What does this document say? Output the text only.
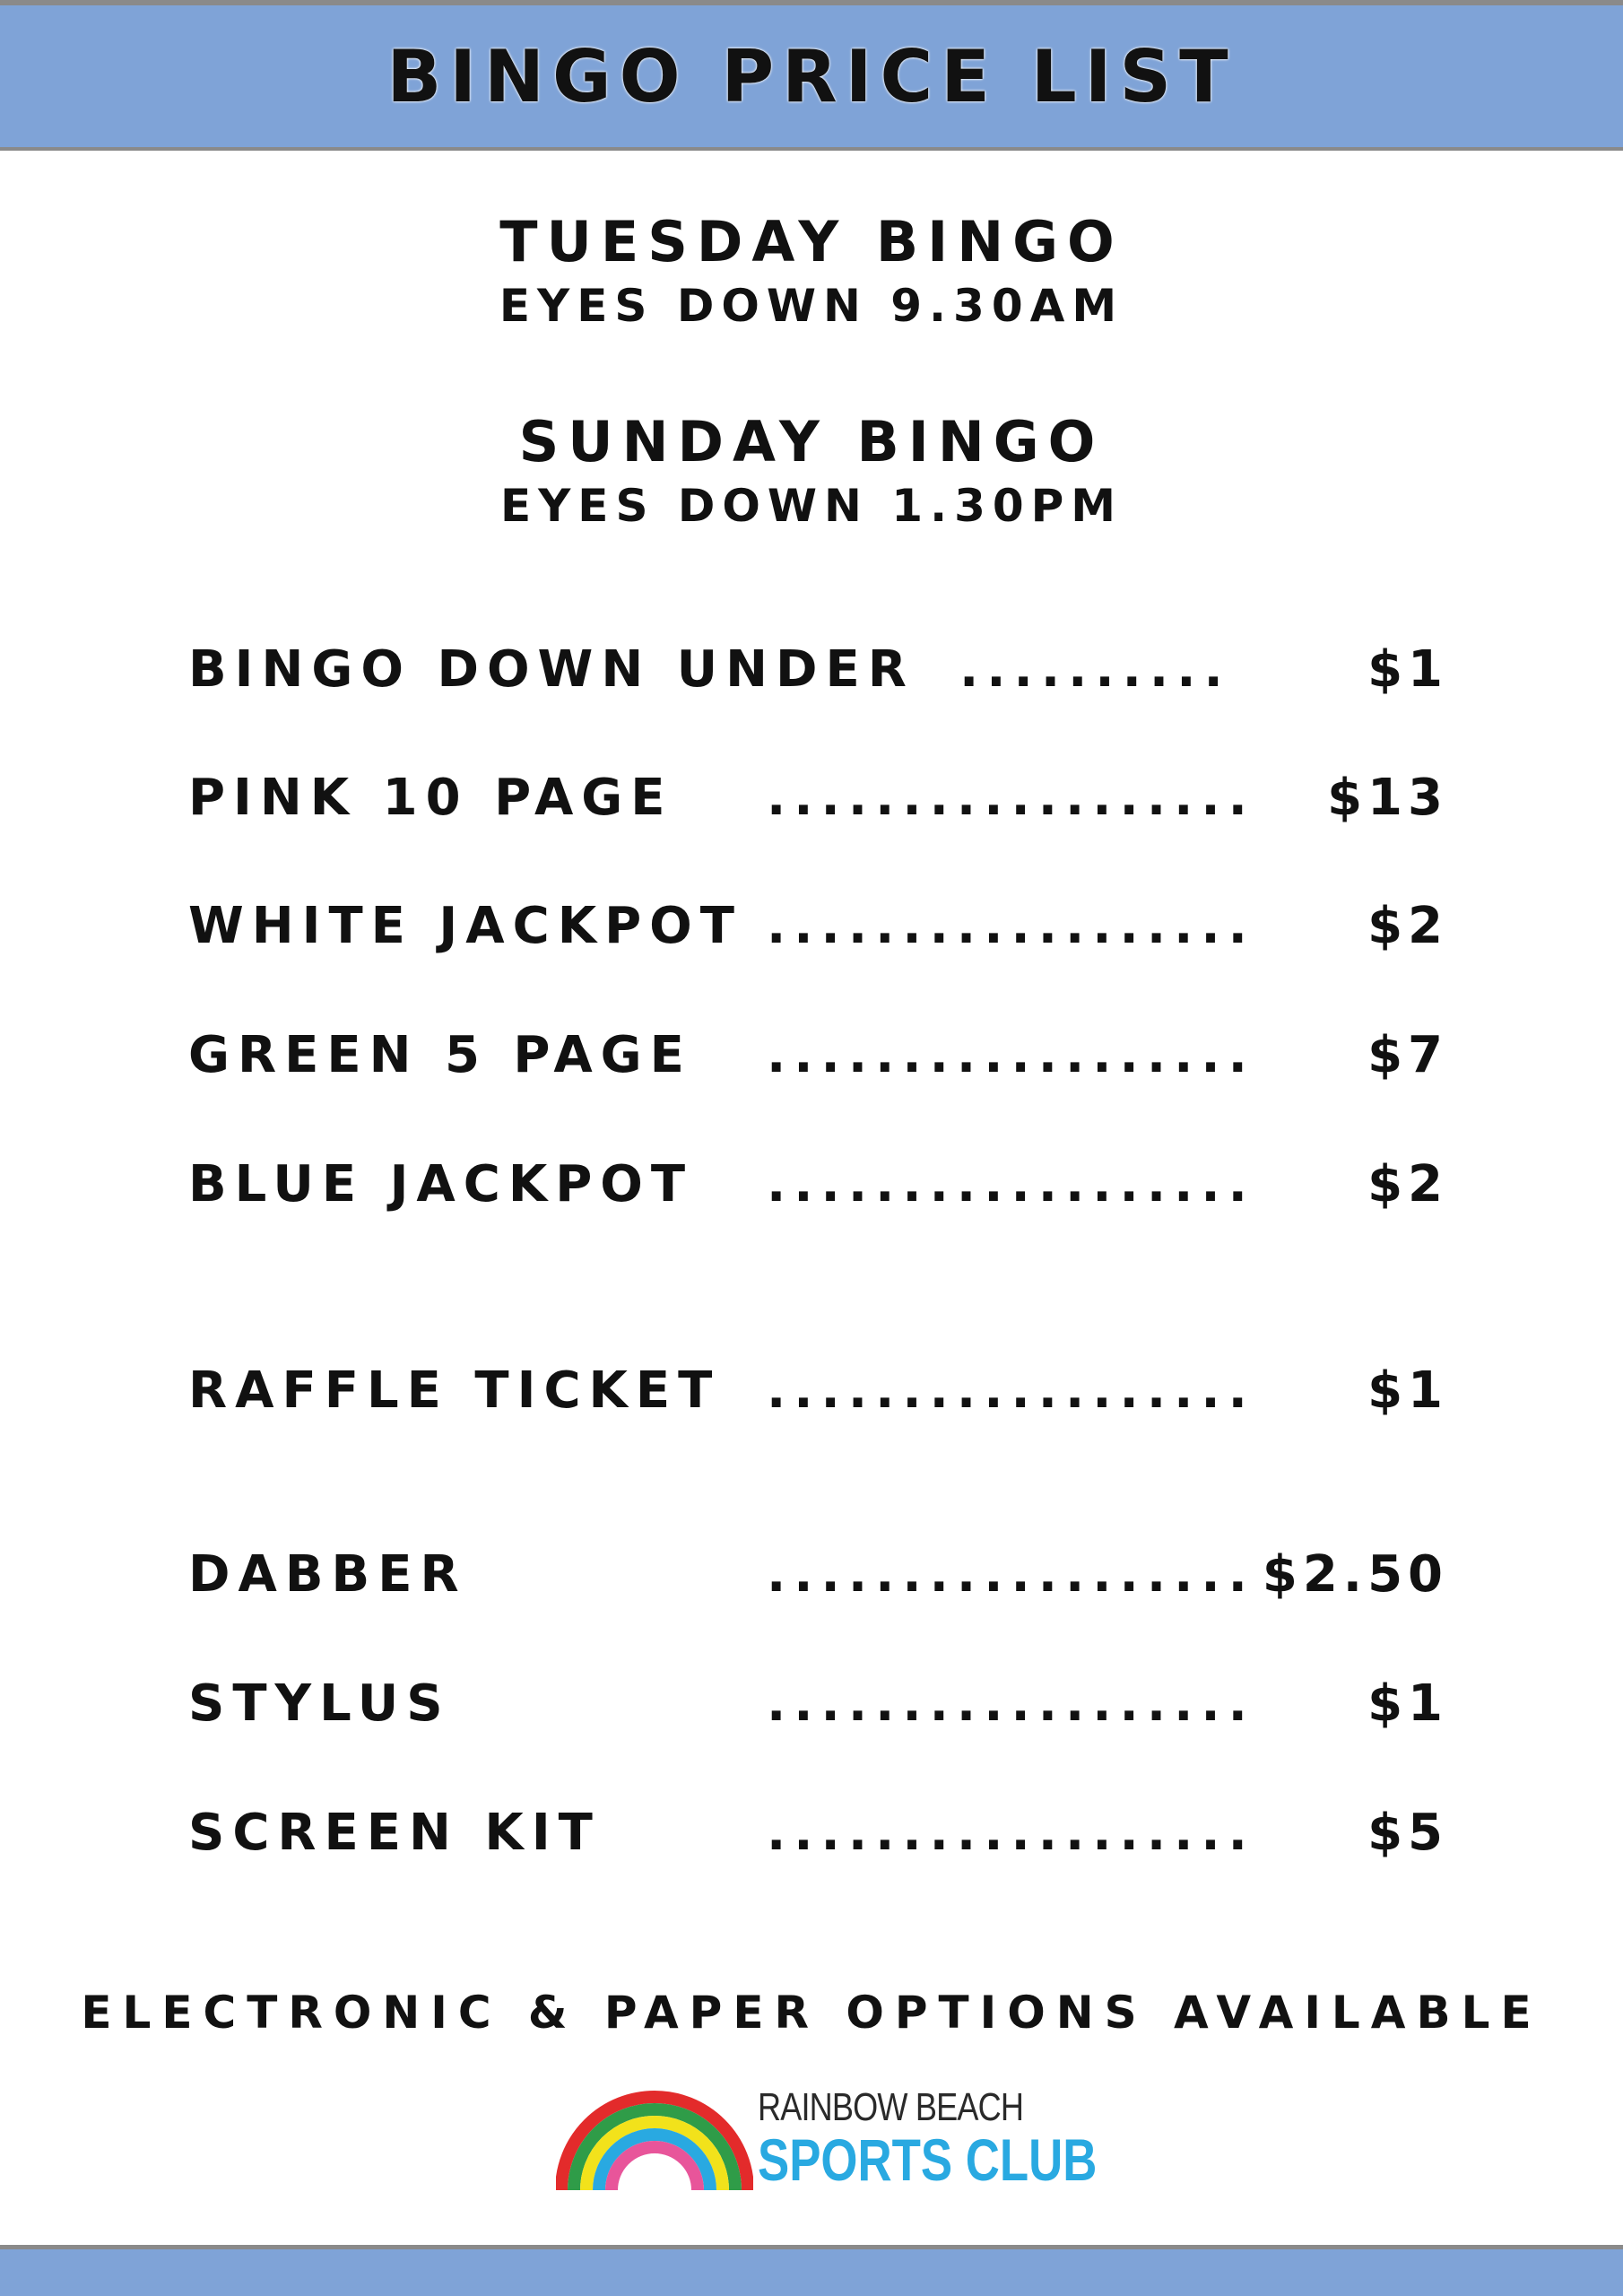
BINGO PRICE LIST
TUESDAY BINGO
EYES DOWN 9.30AM
SUNDAY BINGO
EYES DOWN 1.30PM
BINGO DOWN UNDER ..........	$1
PINK 10 PAGE ..................	$13
WHITE JACKPOT ..................	$2
GREEN 5 PAGE ..................	$7
BLUE JACKPOT ..................	$2
RAFFLE TICKET ..................	$1
DABBER	.................. $2.50
STYLUS	..................	$1
SCREEN KIT	..................	$5
ELECTRONIC & PAPER OPTIONS AVAILABLE
RAINBOW BEACH
SPORTS CLUB
